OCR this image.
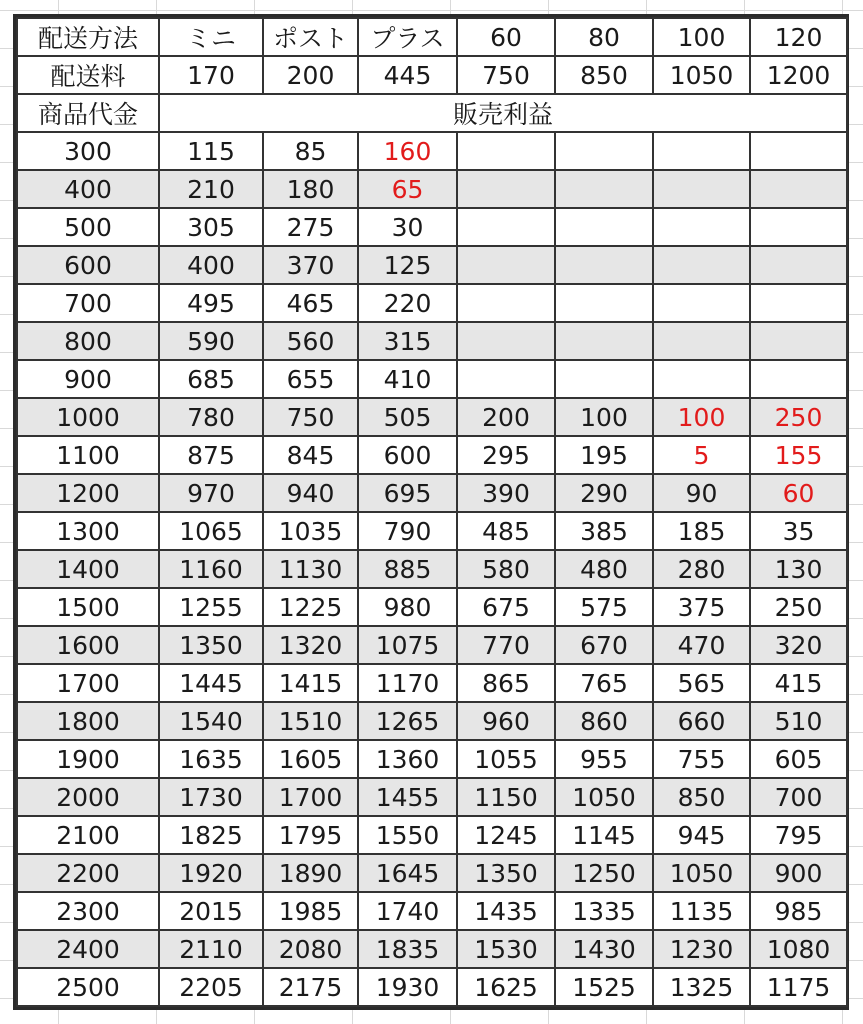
配送方法	ミニ	ポスト	プラス	60	80	100	120
配送料	170	200	445	750	850	1050	1200
商品代金	販売利益						
300	115	85	160				
400	210	180	65				
500	305	275	30				
600	400	370	125				
700	495	465	220				
800	590	560	315				
900	685	655	410				
1000	780	750	505	200	100	100	250
1100	875	845	600	295	195	5	155
1200	970	940	695	390	290	90	60
1300	1065	1035	790	485	385	185	35
1400	1160	1130	885	580	480	280	130
1500	1255	1225	980	675	575	375	250
1600	1350	1320	1075	770	670	470	320
1700	1445	1415	1170	865	765	565	415
1800	1540	1510	1265	960	860	660	510
1900	1635	1605	1360	1055	955	755	605
2000	1730	1700	1455	1150	1050	850	700
2100	1825	1795	1550	1245	1145	945	795
2200	1920	1890	1645	1350	1250	1050	900
2300	2015	1985	1740	1435	1335	1135	985
2400	2110	2080	1835	1530	1430	1230	1080
2500	2205	2175	1930	1625	1525	1325	1175
